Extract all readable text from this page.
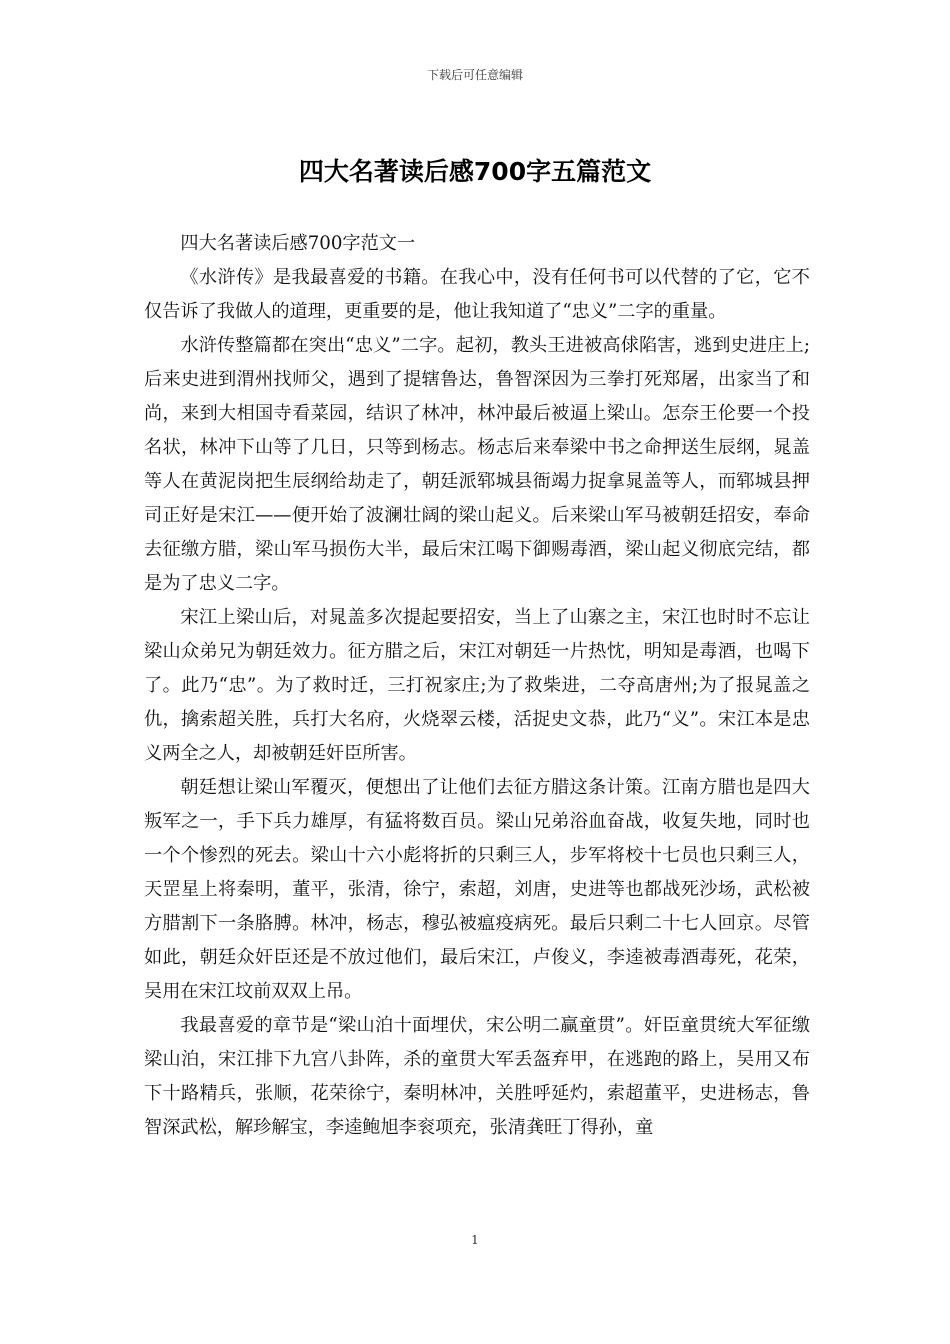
下载后可任意编辑
四大名著读后感700字五篇范文

四大名著读后感700字范文一

《水浒传》是我最喜爱的书籍。在我心中，没有任何书可以代替的了它，它不仅告诉了我做人的道理，更重要的是，他让我知道了“忠义”二字的重量。

水浒传整篇都在突出“忠义”二字。起初，教头王进被高俅陷害，逃到史进庄上;后来史进到渭州找师父，遇到了提辖鲁达，鲁智深因为三拳打死郑屠，出家当了和尚，来到大相国寺看菜园，结识了林冲，林冲最后被逼上梁山。怎奈王伦要一个投名状，林冲下山等了几日，只等到杨志。杨志后来奉梁中书之命押送生辰纲，晁盖等人在黄泥岗把生辰纲给劫走了，朝廷派郓城县衙竭力捉拿晁盖等人，而郓城县押司正好是宋江——便开始了波澜壮阔的梁山起义。后来梁山军马被朝廷招安，奉命去征缴方腊，梁山军马损伤大半，最后宋江喝下御赐毒酒，梁山起义彻底完结，都是为了忠义二字。

宋江上梁山后，对晁盖多次提起要招安，当上了山寨之主，宋江也时时不忘让梁山众弟兄为朝廷效力。征方腊之后，宋江对朝廷一片热忱，明知是毒酒，也喝下了。此乃“忠”。为了救时迁，三打祝家庄;为了救柴进，二夺高唐州;为了报晁盖之仇，擒索超关胜，兵打大名府，火烧翠云楼，活捉史文恭，此乃“义”。宋江本是忠义两全之人，却被朝廷奸臣所害。

朝廷想让梁山军覆灭，便想出了让他们去征方腊这条计策。江南方腊也是四大叛军之一，手下兵力雄厚，有猛将数百员。梁山兄弟浴血奋战，收复失地，同时也一个个惨烈的死去。梁山十六小彪将折的只剩三人，步军将校十七员也只剩三人，天罡星上将秦明，董平，张清，徐宁，索超，刘唐，史进等也都战死沙场，武松被方腊割下一条胳膊。林冲，杨志，穆弘被瘟疫病死。最后只剩二十七人回京。尽管如此，朝廷众奸臣还是不放过他们，最后宋江，卢俊义，李逵被毒酒毒死，花荣，吴用在宋江坟前双双上吊。

我最喜爱的章节是“梁山泊十面埋伏，宋公明二赢童贯”。奸臣童贯统大军征缴梁山泊，宋江排下九宫八卦阵，杀的童贯大军丢盔弃甲，在逃跑的路上，吴用又布下十路精兵，张顺，花荣徐宁，秦明林冲，关胜呼延灼，索超董平，史进杨志，鲁智深武松，解珍解宝，李逵鲍旭李衮项充，张清龚旺丁得孙，童

1
